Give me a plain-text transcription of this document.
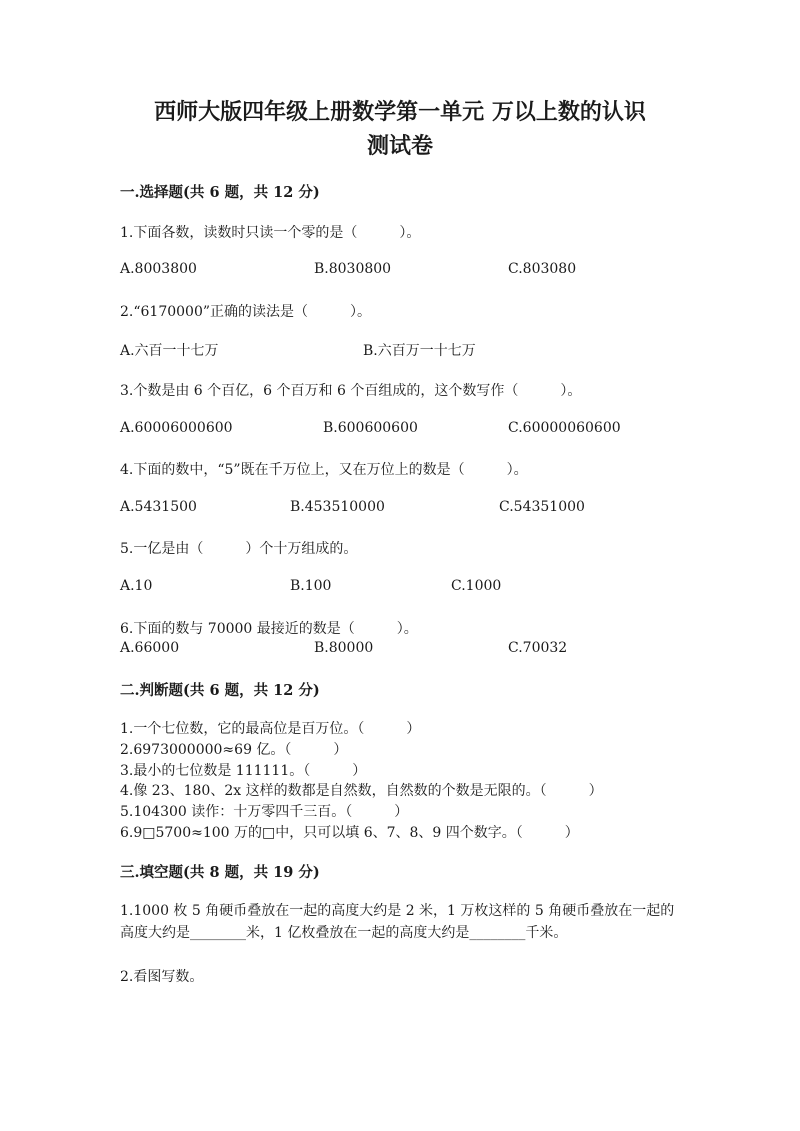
西师大版四年级上册数学第一单元 万以上数的认识
测试卷
一.选择题(共 6 题，共 12 分)
1.下面各数，读数时只读一个零的是（　　　）。
A.8003800	B.8030800	C.803080
2.“6170000”正确的读法是（　　　）。
A.六百一十七万	B.六百万一十七万
3.个数是由 6 个百亿，6 个百万和 6 个百组成的，这个数写作（　　　）。
A.60006000600	B.600600600	C.60000060600
4.下面的数中，“5”既在千万位上，又在万位上的数是（　　　）。
A.5431500	B.453510000	C.54351000
5.一亿是由（　　　）个十万组成的。
A.10	B.100	C.1000
6.下面的数与 70000 最接近的数是（　　　）。
A.66000	B.80000	C.70032
二.判断题(共 6 题，共 12 分)
1.一个七位数，它的最高位是百万位。（　　　）
2.6973000000≈69 亿。（　　　）
3.最小的七位数是 111111。（　　　）
4.像 23、180、2x 这样的数都是自然数，自然数的个数是无限的。（　　　）
5.104300 读作：十万零四千三百。（　　　）
6.9□5700≈100 万的□中，只可以填 6、7、8、9 四个数字。（　　　）
三.填空题(共 8 题，共 19 分)
1.1000 枚 5 角硬币叠放在一起的高度大约是 2 米，1 万枚这样的 5 角硬币叠放在一起的高度大约是________米，1 亿枚叠放在一起的高度大约是________千米。
2.看图写数。
